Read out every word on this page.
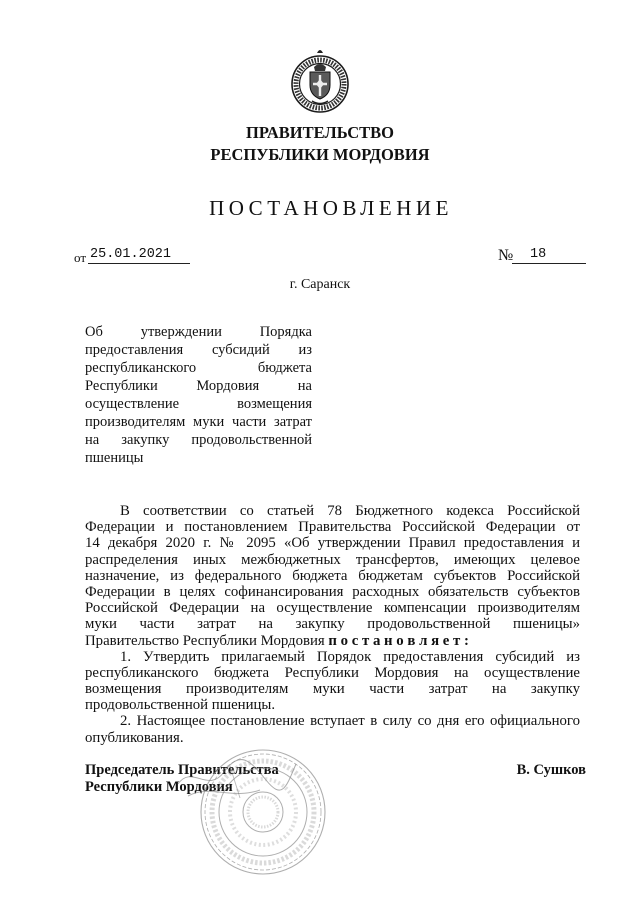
ПРАВИТЕЛЬСТВО
РЕСПУБЛИКИ МОРДОВИЯ
ПОСТАНОВЛЕНИЕ
от 25.01.2021	№ 18
г. Саранск
Об утверждении Порядка
предоставления субсидий из
республиканского бюджета
Республики Мордовия на
осуществление возмещения
производителям муки части затрат
на закупку продовольственной
пшеницы
В соответствии со статьей 78 Бюджетного кодекса Российской
Федерации и постановлением Правительства Российской Федерации от
14 декабря 2020 г. № 2095 «Об утверждении Правил предоставления и
распределения иных межбюджетных трансфертов, имеющих целевое
назначение, из федерального бюджета бюджетам субъектов Российской
Федерации в целях софинансирования расходных обязательств субъектов
Российской Федерации на осуществление компенсации производителям
муки части затрат на закупку продовольственной пшеницы»
Правительство Республики Мордовия п о с т а н о в л я е т :
1. Утвердить прилагаемый Порядок предоставления субсидий из
республиканского бюджета Республики Мордовия на осуществление
возмещения производителям муки части затрат на закупку
продовольственной пшеницы.
2. Настоящее постановление вступает в силу со дня его официального
опубликования.
Председатель Правительства
Республики Мордовия
В. Сушков
